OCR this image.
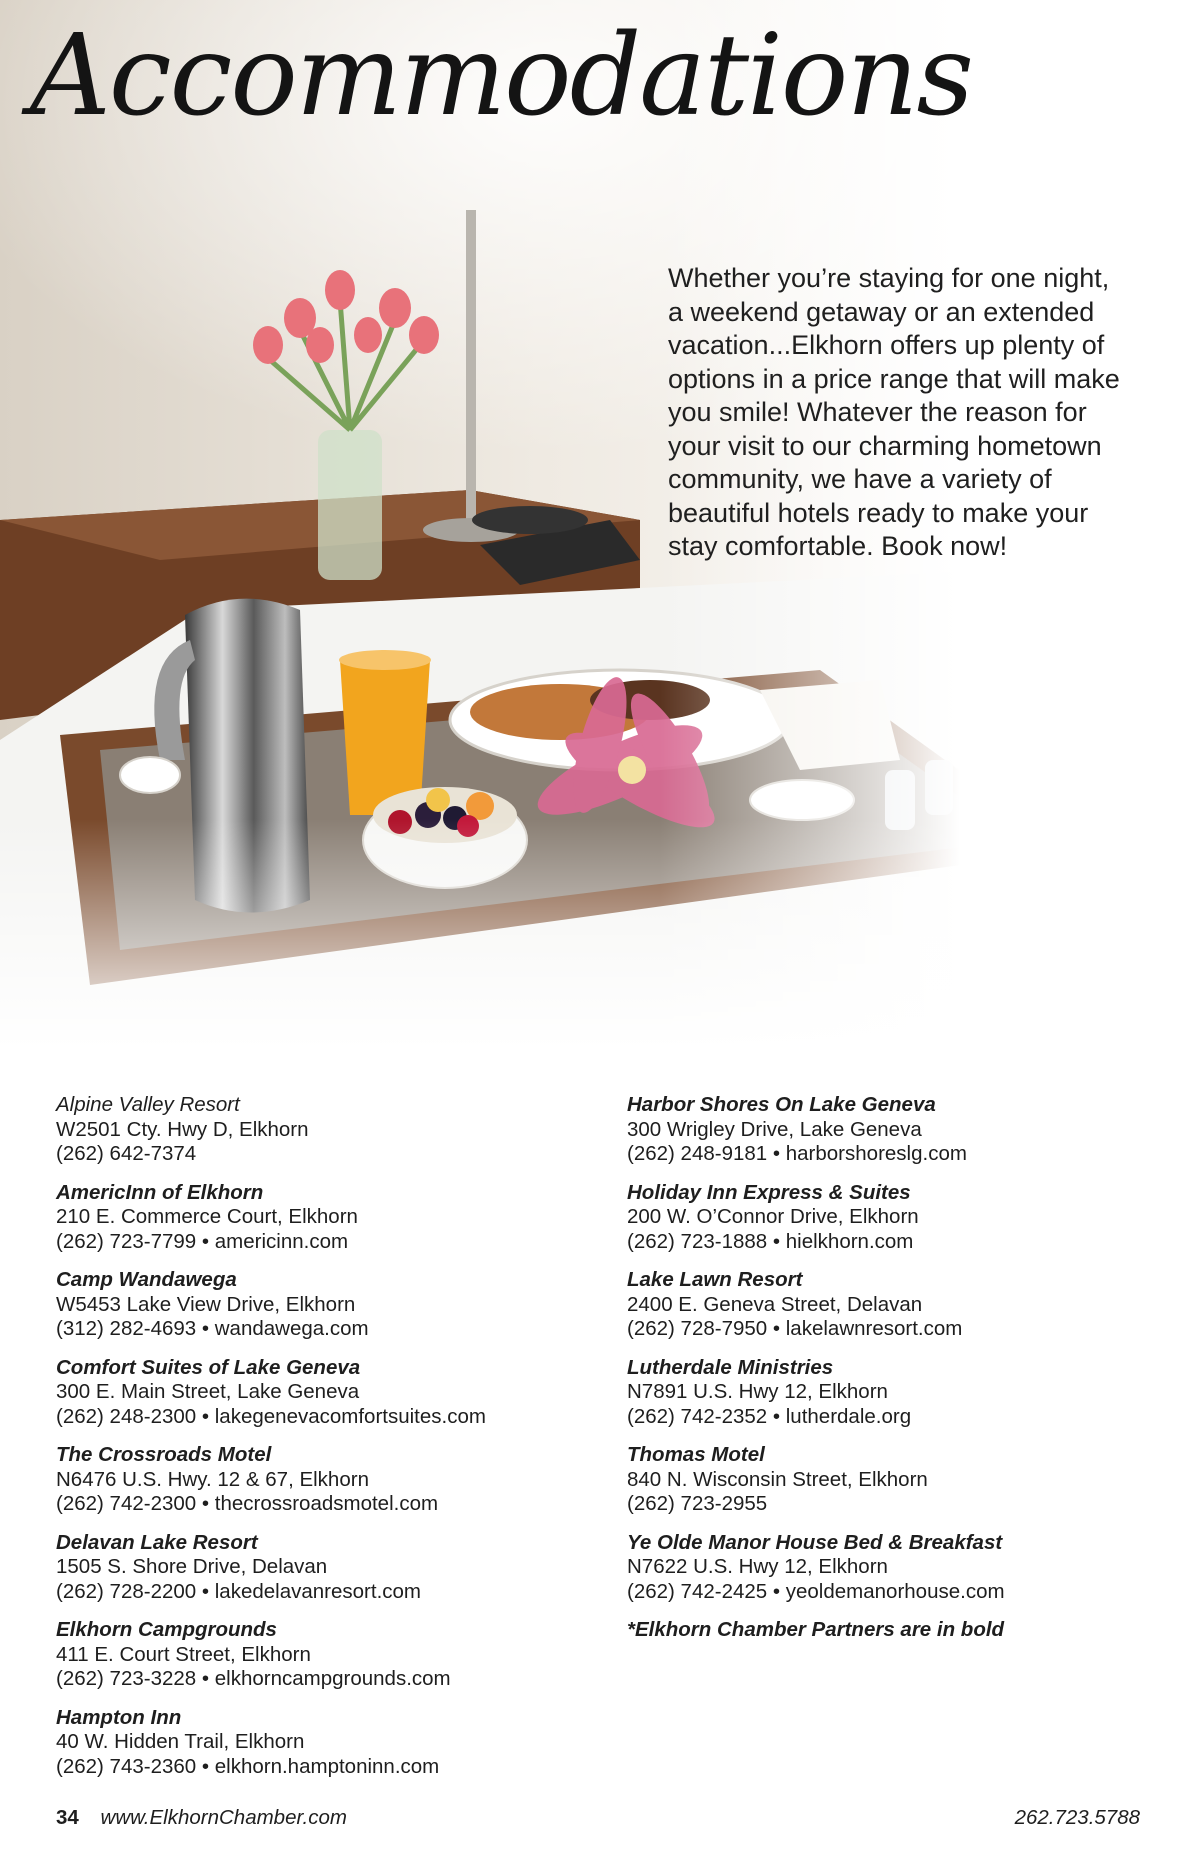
Accommodations
Whether you’re staying for one night, a weekend getaway or an extended vacation...Elkhorn offers up plenty of options in a price range that will make you smile! Whatever the reason for your visit to our charming hometown community, we have a variety of beautiful hotels ready to make your stay comfortable. Book now!
Alpine Valley Resort
W2501 Cty. Hwy D, Elkhorn
(262) 642-7374
AmericInn of Elkhorn
210 E. Commerce Court, Elkhorn
(262) 723-7799 • americinn.com
Camp Wandawega
W5453 Lake View Drive, Elkhorn
(312) 282-4693 • wandawega.com
Comfort Suites of Lake Geneva
300 E. Main Street, Lake Geneva
(262) 248-2300 • lakegenevacomfortsuites.com
The Crossroads Motel
N6476 U.S. Hwy. 12 & 67, Elkhorn
(262) 742-2300 • thecrossroadsmotel.com
Delavan Lake Resort
1505 S. Shore Drive, Delavan
(262) 728-2200 • lakedelavanresort.com
Elkhorn Campgrounds
411 E. Court Street, Elkhorn
(262) 723-3228 • elkhorncampgrounds.com
Hampton Inn
40 W. Hidden Trail, Elkhorn
(262) 743-2360 • elkhorn.hamptoninn.com
Harbor Shores On Lake Geneva
300 Wrigley Drive, Lake Geneva
(262) 248-9181 • harborshoreslg.com
Holiday Inn Express & Suites
200 W. O’Connor Drive, Elkhorn
(262) 723-1888 • hielkhorn.com
Lake Lawn Resort
2400 E. Geneva Street, Delavan
(262) 728-7950 • lakelawnresort.com
Lutherdale Ministries
N7891 U.S. Hwy 12, Elkhorn
(262) 742-2352 • lutherdale.org
Thomas Motel
840 N. Wisconsin Street, Elkhorn
(262) 723-2955
Ye Olde Manor House Bed & Breakfast
N7622 U.S. Hwy 12, Elkhorn
(262) 742-2425 • yeoldemanorhouse.com
*Elkhorn Chamber Partners are in bold
34 www.ElkhornChamber.com	262.723.5788
